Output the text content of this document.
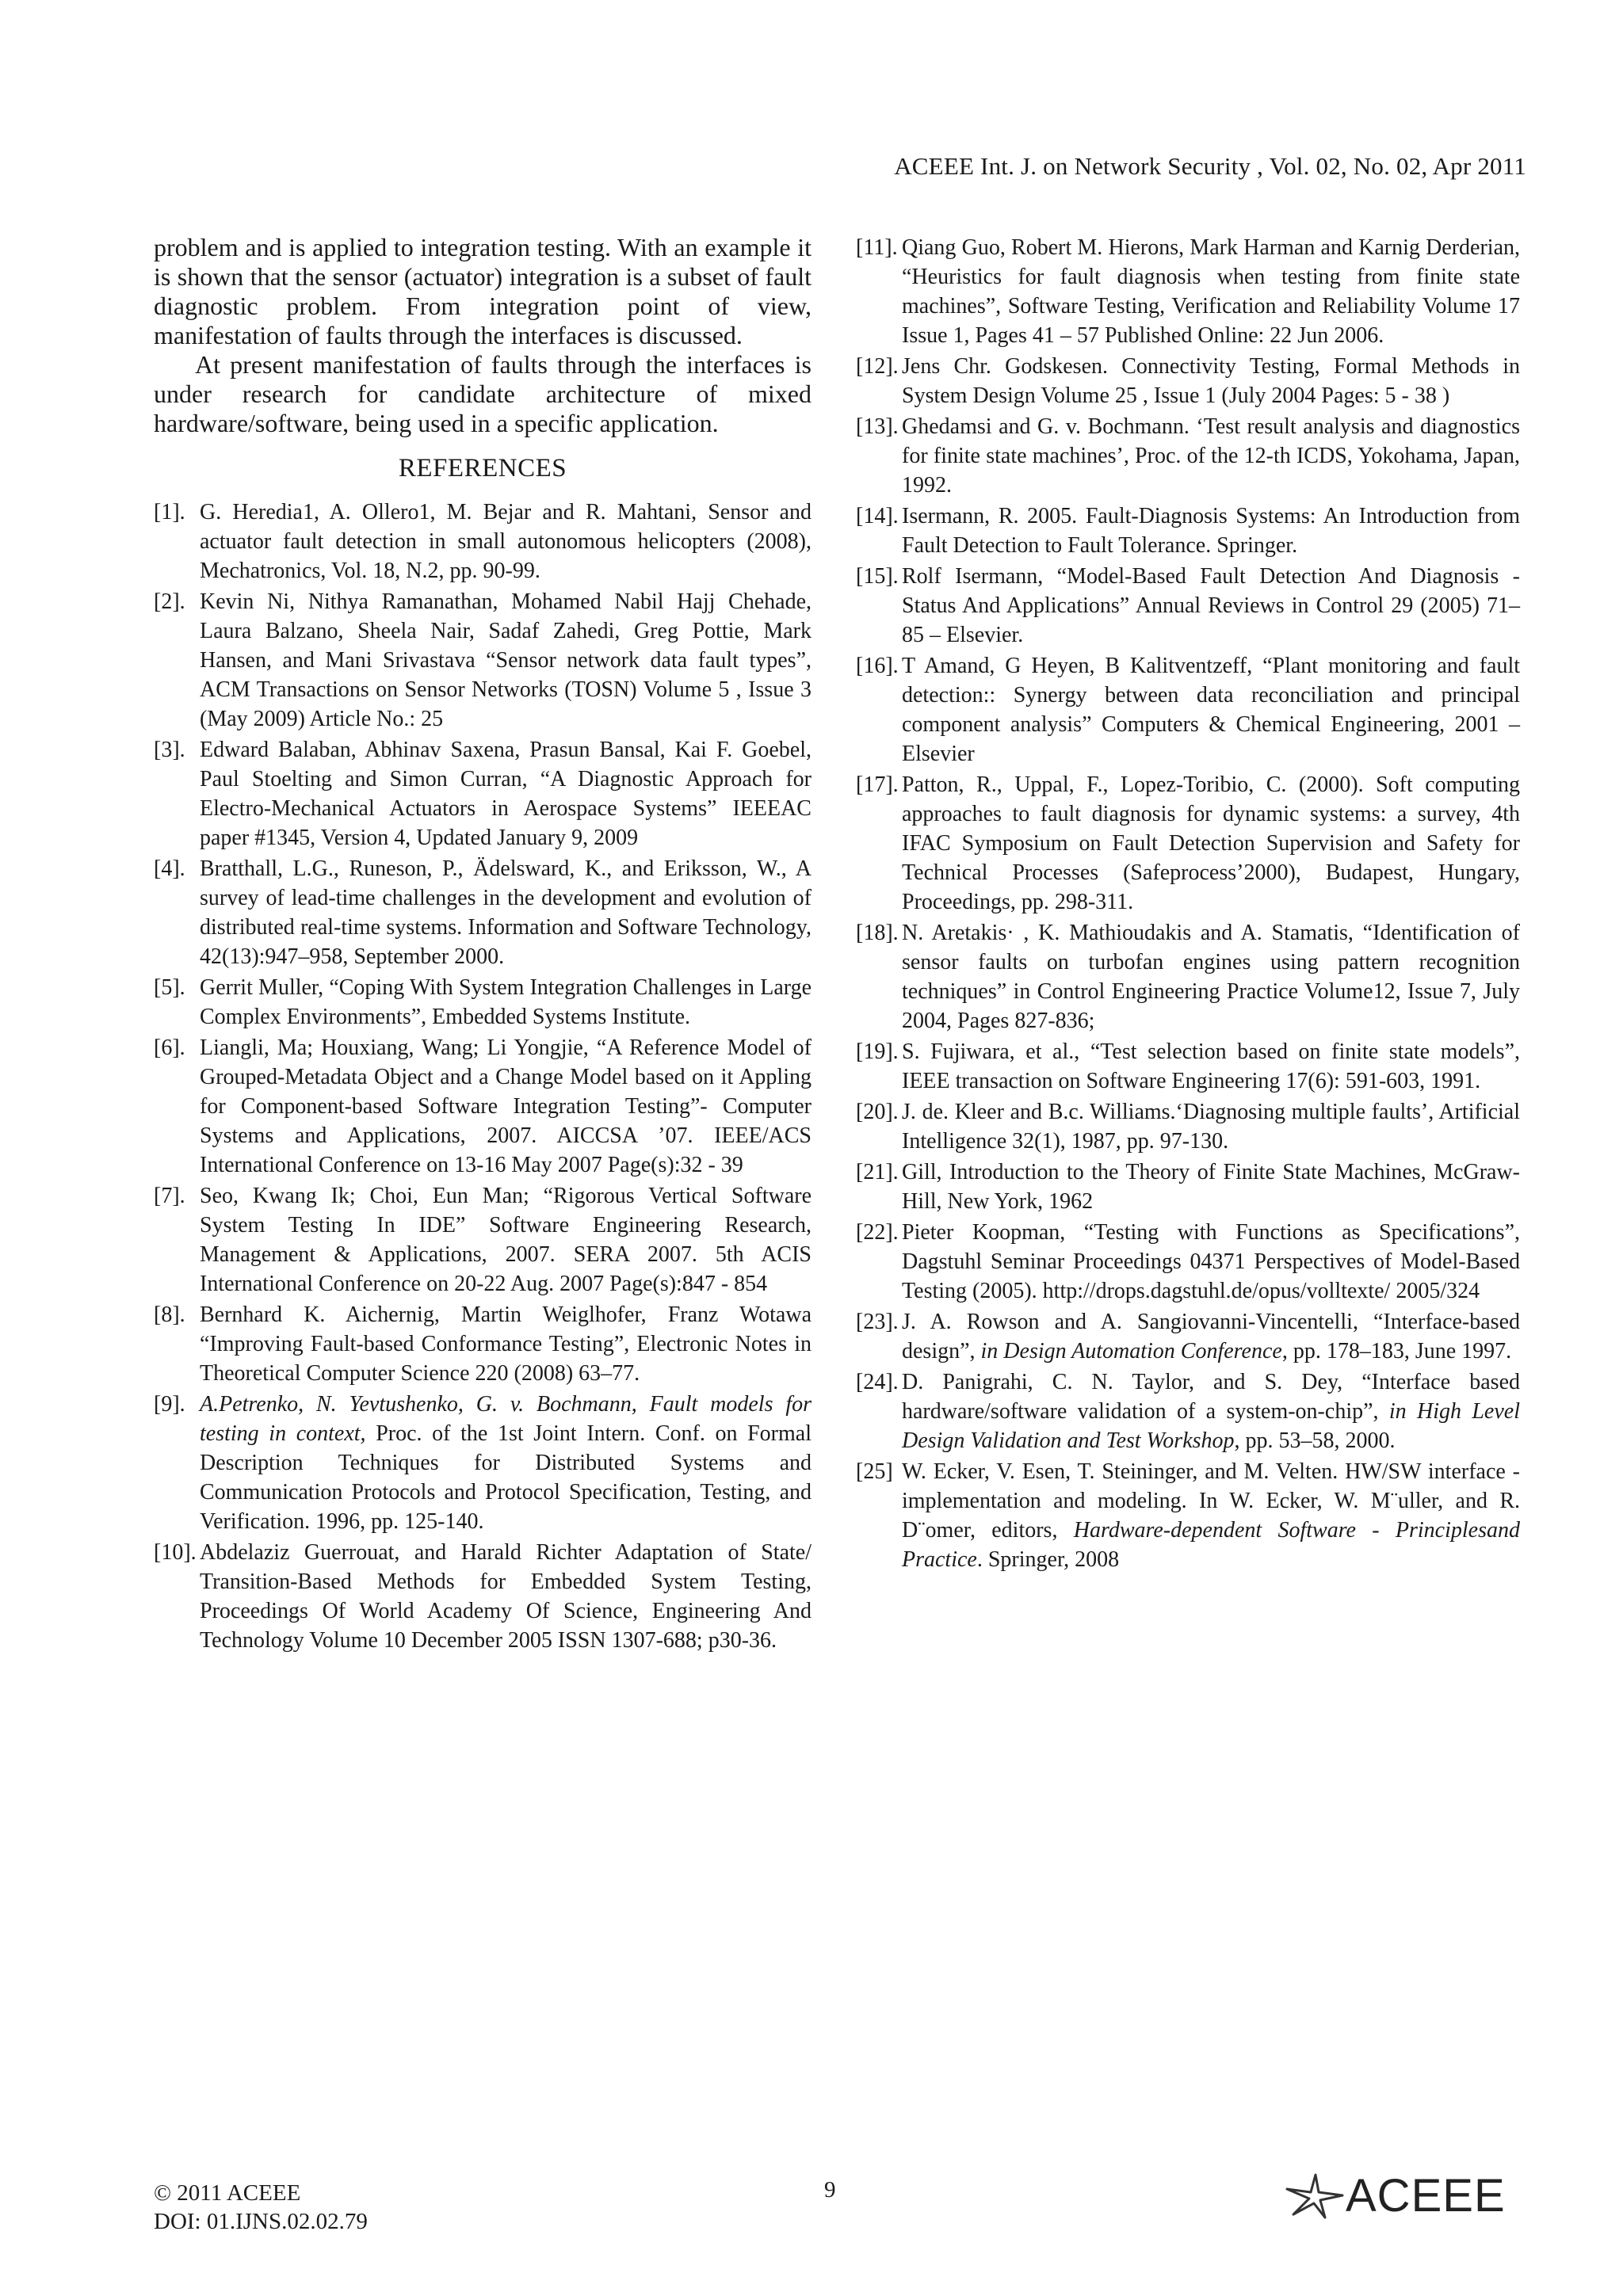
ACEEE Int. J. on Network Security , Vol. 02, No. 02, Apr 2011

problem and is applied to integration testing. With an example it is shown that the sensor (actuator) integration is a subset of fault diagnostic problem. From integration point of view, manifestation of faults through the interfaces is discussed.

At present manifestation of faults through the interfaces is under research for candidate architecture of mixed hardware/software, being used in a specific application.

REFERENCES
[1]. G. Heredia1, A. Ollero1, M. Bejar and R. Mahtani, Sensor and actuator fault detection in small autonomous helicopters (2008), Mechatronics, Vol. 18, N.2, pp. 90-99.
[2]. Kevin Ni, Nithya Ramanathan, Mohamed Nabil Hajj Chehade, Laura Balzano, Sheela Nair, Sadaf Zahedi, Greg Pottie, Mark Hansen, and Mani Srivastava “Sensor network data fault types”, ACM Transactions on Sensor Networks (TOSN) Volume 5 , Issue 3 (May 2009) Article No.: 25
[3]. Edward Balaban, Abhinav Saxena, Prasun Bansal, Kai F. Goebel, Paul Stoelting and Simon Curran, “A Diagnostic Approach for Electro-Mechanical Actuators in Aerospace Systems” IEEEAC paper #1345, Version 4, Updated January 9, 2009
[4]. Bratthall, L.G., Runeson, P., Ädelsward, K., and Eriksson, W., A survey of lead-time challenges in the development and evolution of distributed real-time systems. Information and Software Technology, 42(13):947–958, September 2000.
[5]. Gerrit Muller, “Coping With System Integration Challenges in Large Complex Environments”, Embedded Systems Institute.
[6]. Liangli, Ma; Houxiang, Wang; Li Yongjie, “A Reference Model of Grouped-Metadata Object and a Change Model based on it Appling for Component-based Software Integration Testing”- Computer Systems and Applications, 2007. AICCSA ’07. IEEE/ACS International Conference on 13-16 May 2007 Page(s):32 - 39
[7]. Seo, Kwang Ik; Choi, Eun Man; “Rigorous Vertical Software System Testing In IDE” Software Engineering Research, Management & Applications, 2007. SERA 2007. 5th ACIS International Conference on 20-22 Aug. 2007 Page(s):847 - 854
[8]. Bernhard K. Aichernig, Martin Weiglhofer, Franz Wotawa “Improving Fault-based Conformance Testing”, Electronic Notes in Theoretical Computer Science 220 (2008) 63–77.
[9]. A.Petrenko, N. Yevtushenko, G. v. Bochmann, Fault models for testing in context, Proc. of the 1st Joint Intern. Conf. on Formal Description Techniques for Distributed Systems and Communication Protocols and Protocol Specification, Testing, and Verification. 1996, pp. 125-140.
[10]. Abdelaziz Guerrouat, and Harald Richter Adaptation of State/ Transition-Based Methods for Embedded System Testing, Proceedings Of World Academy Of Science, Engineering And Technology Volume 10 December 2005 ISSN 1307-688; p30-36.
[11]. Qiang Guo, Robert M. Hierons, Mark Harman and Karnig Derderian, “Heuristics for fault diagnosis when testing from finite state machines”, Software Testing, Verification and Reliability Volume 17 Issue 1, Pages 41 – 57 Published Online: 22 Jun 2006.
[12]. Jens Chr. Godskesen. Connectivity Testing, Formal Methods in System Design Volume 25 , Issue 1 (July 2004 Pages: 5 - 38 )
[13]. Ghedamsi and G. v. Bochmann. ‘Test result analysis and diagnostics for finite state machines’, Proc. of the 12-th ICDS, Yokohama, Japan, 1992.
[14]. Isermann, R. 2005. Fault-Diagnosis Systems: An Introduction from Fault Detection to Fault Tolerance. Springer.
[15]. Rolf Isermann, “Model-Based Fault Detection And Diagnosis - Status And Applications” Annual Reviews in Control 29 (2005) 71–85 – Elsevier.
[16]. T Amand, G Heyen, B Kalitventzeff, “Plant monitoring and fault detection:: Synergy between data reconciliation and principal component analysis” Computers & Chemical Engineering, 2001 – Elsevier
[17]. Patton, R., Uppal, F., Lopez-Toribio, C. (2000). Soft computing approaches to fault diagnosis for dynamic systems: a survey, 4th IFAC Symposium on Fault Detection Supervision and Safety for Technical Processes (Safeprocess’2000), Budapest, Hungary, Proceedings, pp. 298-311.
[18]. N. Aretakis· , K. Mathioudakis and A. Stamatis, “Identification of sensor faults on turbofan engines using pattern recognition techniques” in Control Engineering Practice Volume12, Issue 7, July 2004, Pages 827-836;
[19]. S. Fujiwara, et al., “Test selection based on finite state models”, IEEE transaction on Software Engineering 17(6): 591-603, 1991.
[20]. J. de. Kleer and B.c. Williams.‘Diagnosing multiple faults’, Artificial Intelligence 32(1), 1987, pp. 97-130.
[21]. Gill, Introduction to the Theory of Finite State Machines, McGraw-Hill, New York, 1962
[22]. Pieter Koopman, “Testing with Functions as Specifications”, Dagstuhl Seminar Proceedings 04371 Perspectives of Model-Based Testing (2005). http://drops.dagstuhl.de/opus/volltexte/ 2005/324
[23]. J. A. Rowson and A. Sangiovanni-Vincentelli, “Interface-based design”, in Design Automation Conference, pp. 178–183, June 1997.
[24]. D. Panigrahi, C. N. Taylor, and S. Dey, “Interface based hardware/software validation of a system-on-chip”, in High Level Design Validation and Test Workshop, pp. 53–58, 2000.
[25] W. Ecker, V. Esen, T. Steininger, and M. Velten. HW/SW interface - implementation and modeling. In W. Ecker, W. M¨uller, and R. D¨omer, editors, Hardware-dependent Software - Principlesand Practice. Springer, 2008
© 2011 ACEEE
DOI: 01.IJNS.02.02.79
9	ACEEE
